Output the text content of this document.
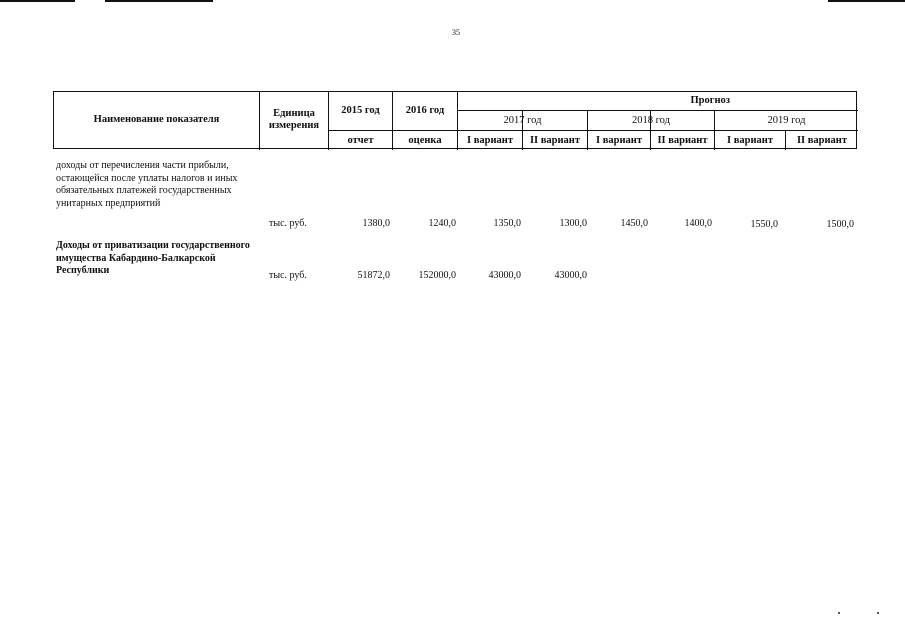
35
Наименование показателя
Единица измерения
2015 год	2016 год
Прогноз
2017 год	2018 год	2019 год
отчет	оценка	I вариант	II вариант	I вариант	II вариант	I вариант	II вариант
доходы от перечисления части прибыли, остающейся после уплаты налогов и иных обязательных платежей государственных унитарных предприятий
тыс. руб.	1380,0	1240,0	1350,0	1300,0	1450,0	1400,0	1550,0	1500,0
Доходы от приватизации государственного имущества Кабардино-Балкарской Республики	тыс. руб.	51872,0	152000,0	43000,0	43000,0
